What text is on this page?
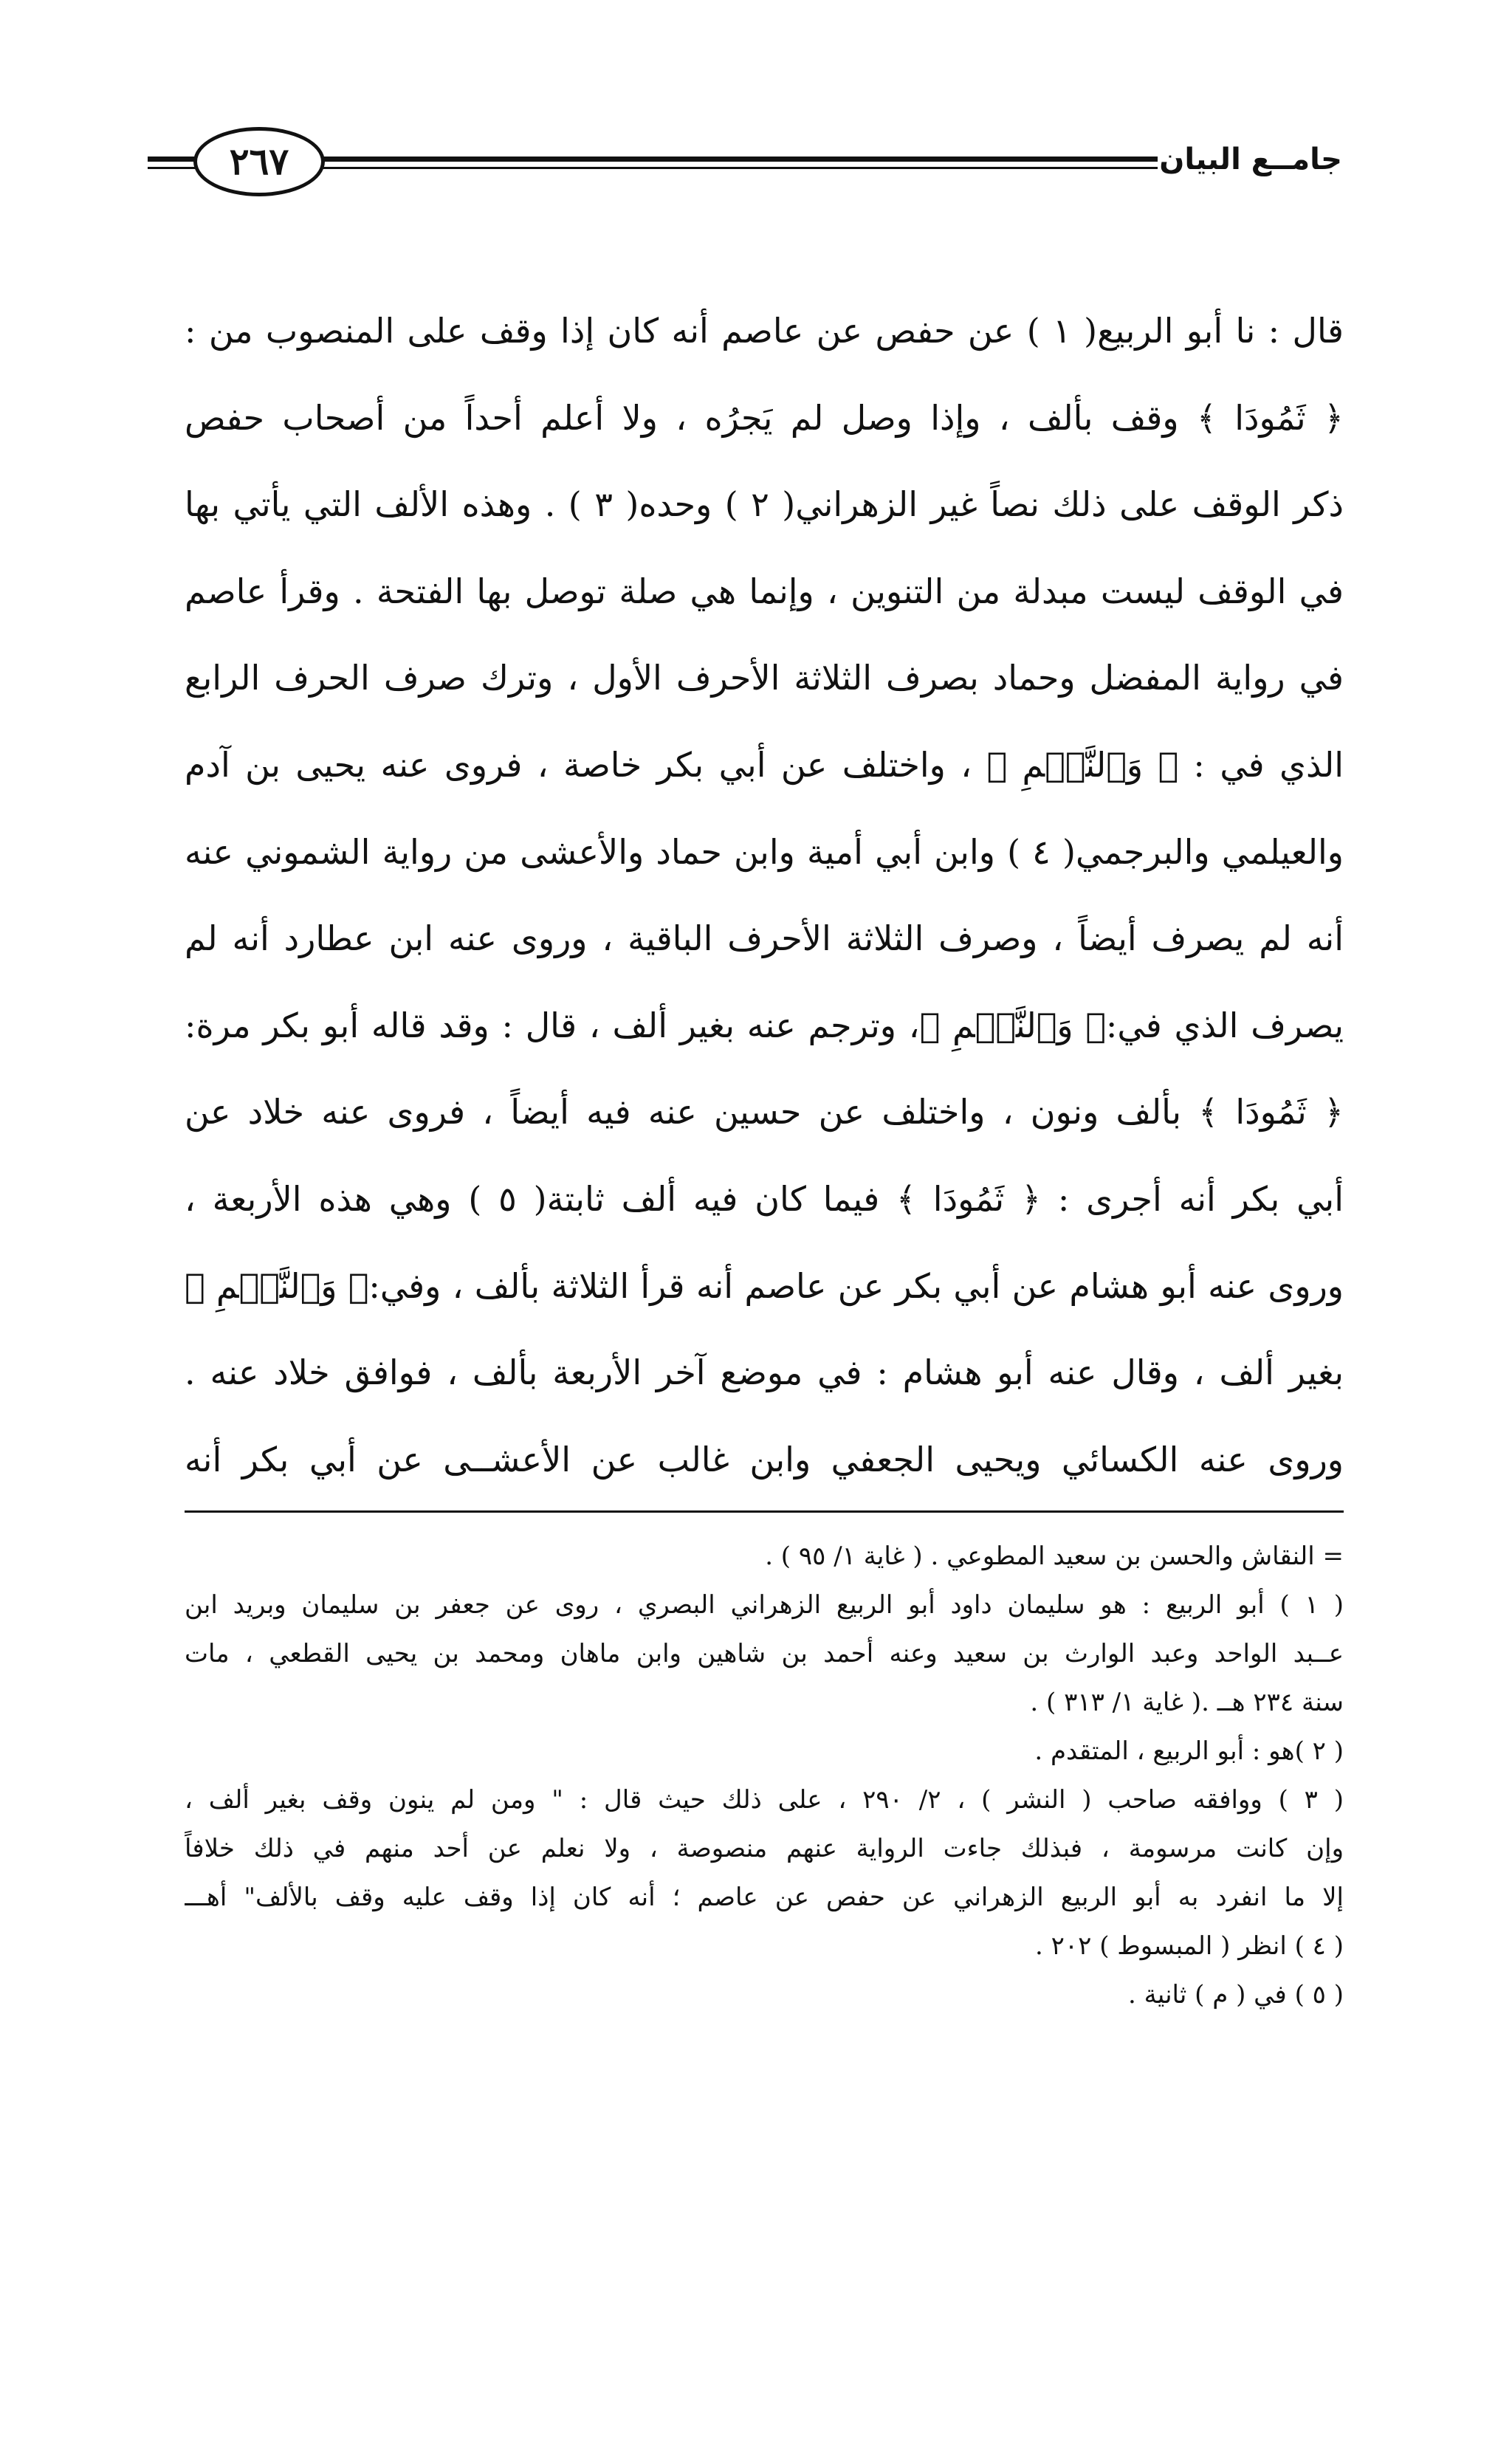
٢٦٧	جامــع البيان
قال : نا أبو الربيع( ١ ) عن حفص عن عاصم أنه كان إذا وقف على المنصوب من :
﴿ ثَمُودَا ﴾ وقف بألف ، وإذا وصل لم يَجرُه ، ولا أعلم أحداً من أصحاب حفص
ذكر الوقف على ذلك نصاً غير الزهراني( ٢ ) وحده( ٣ ) . وهذه الألف التي يأتي بها
في الوقف ليست مبدلة من التنوين ، وإنما هي صلة توصل بها الفتحة . وقرأ عاصم
في رواية المفضل وحماد بصرف الثلاثة الأحرف الأول ، وترك صرف الحرف الرابع
الذي في : ﴿ وَٱلنَّجۡمِ ﴾ ، واختلف عن أبي بكر خاصة ، فروى عنه يحيى بن آدم
والعيلمي والبرجمي( ٤ ) وابن أبي أمية وابن حماد والأعشى من رواية الشموني عنه
أنه لم يصرف أيضاً ، وصرف الثلاثة الأحرف الباقية ، وروى عنه ابن عطارد أنه لم
يصرف الذي في:﴿ وَٱلنَّجۡمِ ﴾، وترجم عنه بغير ألف ، قال : وقد قاله أبو بكر مرة:
﴿ ثَمُودَا ﴾ بألف ونون ، واختلف عن حسين عنه فيه أيضاً ، فروى عنه خلاد عن
أبي بكر أنه أجرى : ﴿ ثَمُودَا ﴾ فيما كان فيه ألف ثابتة( ٥ ) وهي هذه الأربعة ،
وروى عنه أبو هشام عن أبي بكر عن عاصم أنه قرأ الثلاثة بألف ، وفي:﴿ وَٱلنَّجۡمِ ﴾
بغير ألف ، وقال عنه أبو هشام : في موضع آخر الأربعة بألف ، فوافق خلاد عنه .
وروى عنه الكسائي ويحيى الجعفي وابن غالب عن الأعشــى عن أبي بكر أنه
= النقاش والحسن بن سعيد المطوعي . ( غاية ١/ ٩٥ ) .
( ١ ) أبو الربيع : هو سليمان داود أبو الربيع الزهراني البصري ، روى عن جعفر بن سليمان وبريد ابن
عــبد الواحد وعبد الوارث بن سعيد وعنه أحمد بن شاهين وابن ماهان ومحمد بن يحيى القطعي ، مات
سنة ٢٣٤ هــ .( غاية ١/ ٣١٣ ) .
( ٢ )هو : أبو الربيع ، المتقدم .
( ٣ ) ووافقه صاحب ( النشر ) ، ٢/ ٢٩٠ ، على ذلك حيث قال : " ومن لم ينون وقف بغير ألف ،
وإن كانت مرسومة ، فبذلك جاءت الرواية عنهم منصوصة ، ولا نعلم عن أحد منهم في ذلك خلافاً
إلا ما انفرد به أبو الربيع الزهراني عن حفص عن عاصم ؛ أنه كان إذا وقف عليه وقف بالألف" أهـــ
( ٤ ) انظر ( المبسوط ) ٢٠٢ .
( ٥ ) في ( م ) ثانية .
